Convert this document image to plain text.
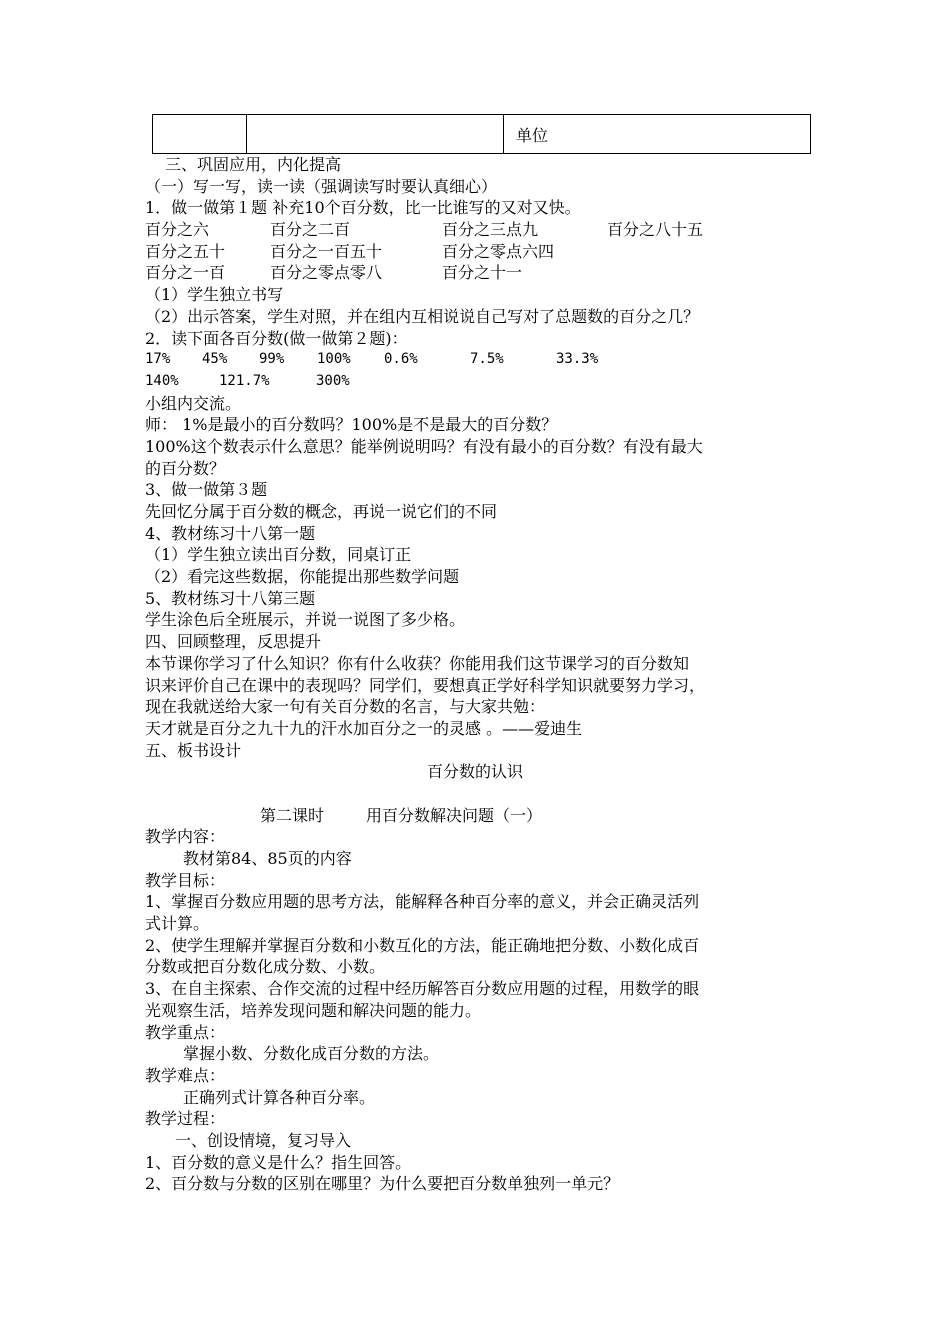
		单位
三、巩固应用，内化提高
（一）写一写，读一读（强调读写时要认真细心）
1．做一做第１题 补充10个百分数，比一比谁写的又对又快。
百分之六	百分之二百	百分之三点九	百分之八十五
百分之五十	百分之一百五十	百分之零点六四
百分之一百	百分之零点零八	百分之十一
（1）学生独立书写
（2）出示答案，学生对照，并在组内互相说说自己写对了总题数的百分之几？
2．读下面各百分数(做一做第２题)：
17% 45% 99% 100% 0.6%	7.5%	33.3%
140%	121.7%	300%
小组内交流。
师： 1%是最小的百分数吗？100%是不是最大的百分数？
100%这个数表示什么意思？能举例说明吗？有没有最小的百分数？有没有最大
的百分数？
3、做一做第３题
先回忆分属于百分数的概念，再说一说它们的不同
4、教材练习十八第一题
（1）学生独立读出百分数，同桌订正
（2）看完这些数据，你能提出那些数学问题
5、教材练习十八第三题
学生涂色后全班展示，并说一说图了多少格。
四、回顾整理，反思提升
本节课你学习了什么知识？你有什么收获？你能用我们这节课学习的百分数知
识来评价自己在课中的表现吗？同学们，要想真正学好科学知识就要努力学习，
现在我就送给大家一句有关百分数的名言，与大家共勉：
天才就是百分之九十九的汗水加百分之一的灵感 。——爱迪生
五、板书设计
百分数的认识
第二课时	用百分数解决问题（一）
教学内容：
教材第84、85页的内容
教学目标：
1、掌握百分数应用题的思考方法，能解释各种百分率的意义，并会正确灵活列
式计算。
2、使学生理解并掌握百分数和小数互化的方法，能正确地把分数、小数化成百
分数或把百分数化成分数、小数。
3、在自主探索、合作交流的过程中经历解答百分数应用题的过程，用数学的眼
光观察生活，培养发现问题和解决问题的能力。
教学重点：
掌握小数、分数化成百分数的方法。
教学难点：
正确列式计算各种百分率。
教学过程：
一、创设情境，复习导入
1、百分数的意义是什么？指生回答。
2、百分数与分数的区别在哪里？为什么要把百分数单独列一单元？
